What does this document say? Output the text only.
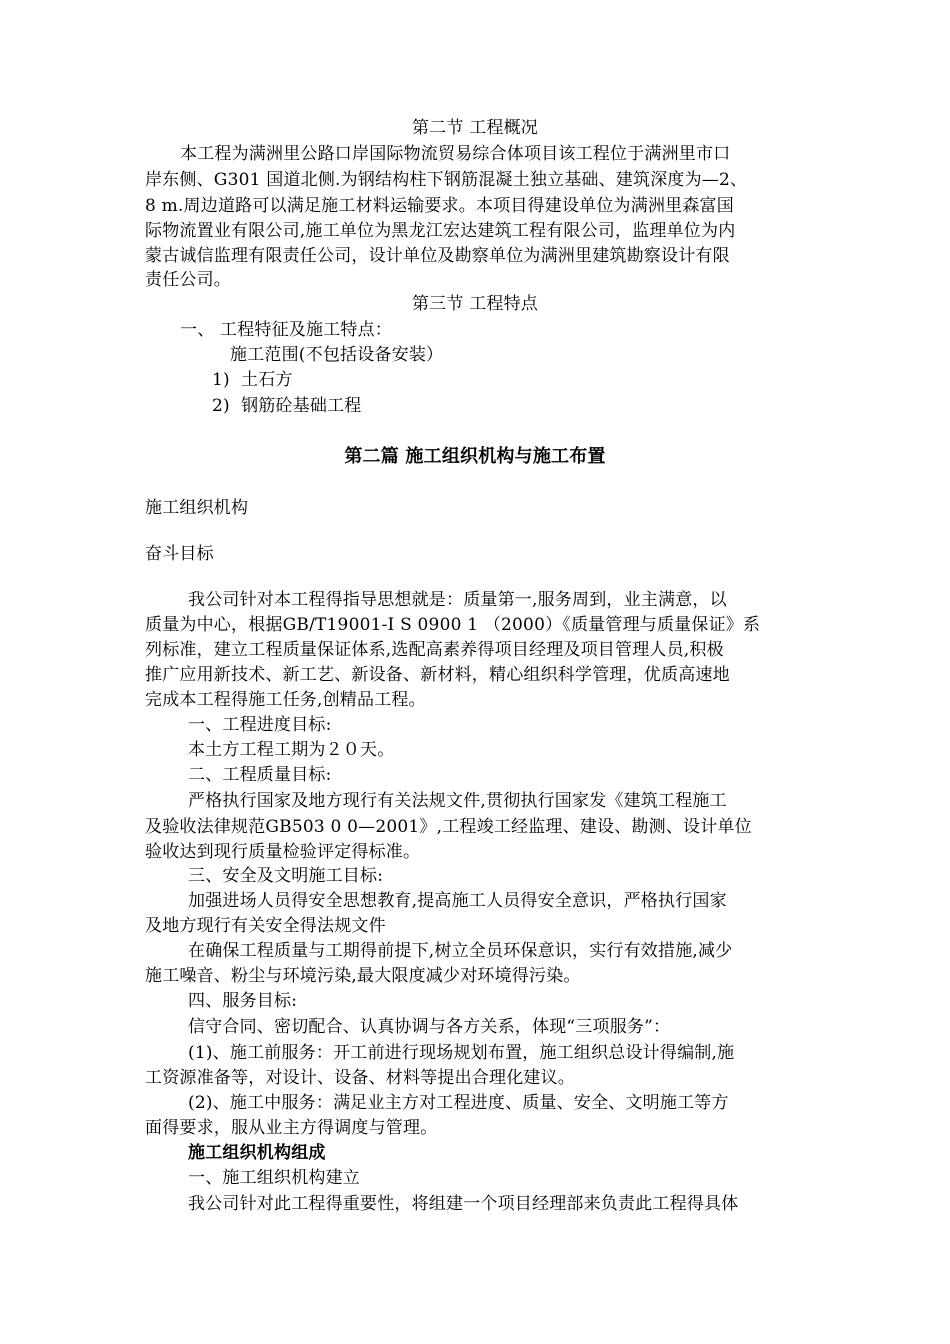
第二节 工程概况
本工程为满洲里公路口岸国际物流贸易综合体项目该工程位于满洲里市口
岸东侧、G301 国道北侧.为钢结构柱下钢筋混凝土独立基础、建筑深度为—2、
8 m.周边道路可以满足施工材料运输要求。本项目得建设单位为满洲里森富国
际物流置业有限公司,施工单位为黑龙江宏达建筑工程有限公司，监理单位为内
蒙古诚信监理有限责任公司，设计单位及勘察单位为满洲里建筑勘察设计有限
责任公司。
第三节 工程特点
一、 工程特征及施工特点：
施工范围(不包括设备安装）
1) 土石方
2) 钢筋砼基础工程
第二篇 施工组织机构与施工布置
施工组织机构
奋斗目标
我公司针对本工程得指导思想就是：质量第一,服务周到，业主满意，以
质量为中心，根据GB/T19001-I S 0900 1 （2000）《质量管理与质量保证》系
列标准，建立工程质量保证体系,选配高素养得项目经理及项目管理人员,积极
推广应用新技术、新工艺、新设备、新材料，精心组织科学管理，优质高速地
完成本工程得施工任务,创精品工程。
一、工程进度目标:
本土方工程工期为２０天。
二、工程质量目标:
严格执行国家及地方现行有关法规文件,贯彻执行国家发《建筑工程施工
及验收法律规范GB503 0 0—2001》,工程竣工经监理、建设、勘测、设计单位
验收达到现行质量检验评定得标准。
三、安全及文明施工目标:
加强进场人员得安全思想教育,提高施工人员得安全意识，严格执行国家
及地方现行有关安全得法规文件
在确保工程质量与工期得前提下,树立全员环保意识，实行有效措施,减少
施工噪音、粉尘与环境污染,最大限度减少对环境得污染。
四、服务目标:
信守合同、密切配合、认真协调与各方关系，体现“三项服务”：
(1)、施工前服务：开工前进行现场规划布置，施工组织总设计得编制,施
工资源准备等，对设计、设备、材料等提出合理化建议。
(2)、施工中服务：满足业主方对工程进度、质量、安全、文明施工等方
面得要求，服从业主方得调度与管理。
施工组织机构组成
一、施工组织机构建立
我公司针对此工程得重要性，将组建一个项目经理部来负责此工程得具体
